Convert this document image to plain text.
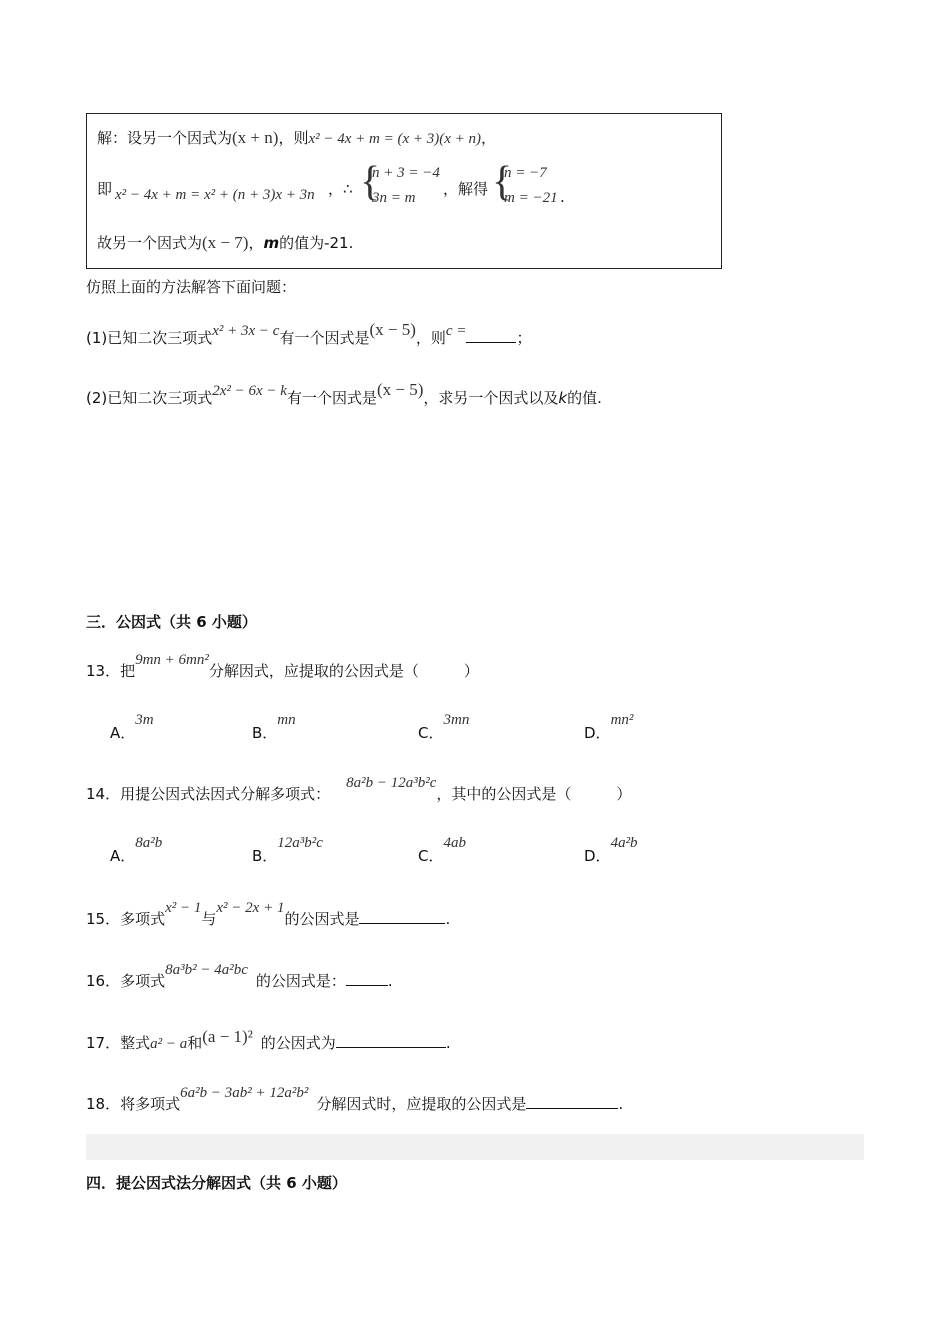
解：设另一个因式为(x + n)，则x² − 4x + m = (x + 3)(x + n)，
即 x² − 4x + m = x² + (n + 3)x + 3n ，∴ {
n + 3 = −4
3n = m ，解得 {
n = −7
m = −21 .
故另一个因式为(x − 7)，m的值为-21.
仿照上面的方法解答下面问题：
(1)已知二次三项式x² + 3x − c有一个因式是(x − 5)，则c =	；
(2)已知二次三项式2x² − 6x − k有一个因式是(x − 5)，求另一个因式以及k的值.
三．公因式（共 6 小题）
13．把9mn + 6mn²分解因式，应提取的公因式是（　　　）
A．3m
B．mn
C．3mn
D．mn²
14．用提公因式法因式分解多项式：8a²b − 12a³b²c，其中的公因式是（　　　）
A．8a²b
B．12a³b²c
C．4ab
D．4a²b
15．多项式x² − 1与x² − 2x + 1的公因式是	.
16．多项式8a³b² − 4a²bc的公因式是：	.
17．整式a² − a和(a − 1)² 的公因式为	.
18．将多项式6a²b − 3ab² + 12a²b²分解因式时，应提取的公因式是	.
四．提公因式法分解因式（共 6 小题）
